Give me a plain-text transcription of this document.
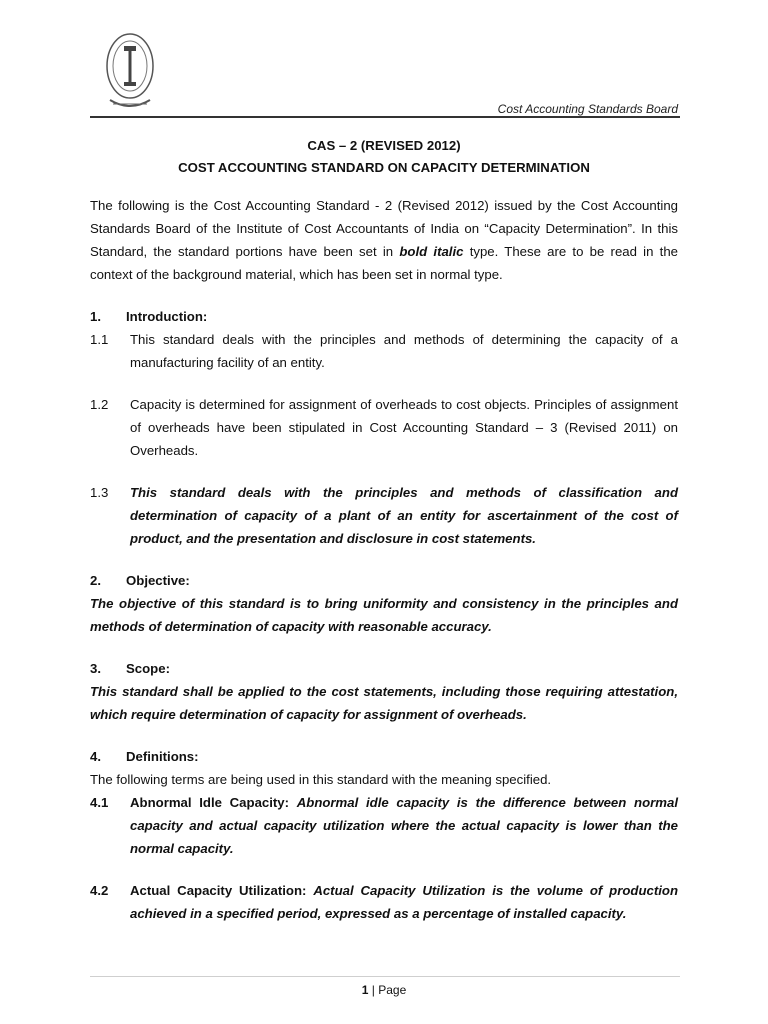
Cost Accounting Standards Board
CAS – 2 (REVISED 2012)
COST ACCOUNTING STANDARD ON CAPACITY DETERMINATION

The following is the Cost Accounting Standard - 2 (Revised 2012) issued by the Cost Accounting Standards Board of the Institute of Cost Accountants of India on “Capacity Determination”. In this Standard, the standard portions have been set in bold italic type. These are to be read in the context of the background material, which has been set in normal type.

1.	Introduction:
1.1	This standard deals with the principles and methods of determining the capacity of a manufacturing facility of an entity.
1.2	Capacity is determined for assignment of overheads to cost objects. Principles of assignment of overheads have been stipulated in Cost Accounting Standard – 3 (Revised 2011) on Overheads.
1.3	This standard deals with the principles and methods of classification and determination of capacity of a plant of an entity for ascertainment of the cost of product, and the presentation and disclosure in cost statements.
2.	Objective:

The objective of this standard is to bring uniformity and consistency in the principles and methods of determination of capacity with reasonable accuracy.

3.	Scope:

This standard shall be applied to the cost statements, including those requiring attestation, which require determination of capacity for assignment of overheads.

4.	Definitions:

The following terms are being used in this standard with the meaning specified.

4.1	Abnormal Idle Capacity: Abnormal idle capacity is the difference between normal capacity and actual capacity utilization where the actual capacity is lower than the normal capacity.
4.2	Actual Capacity Utilization: Actual Capacity Utilization is the volume of production achieved in a specified period, expressed as a percentage of installed capacity.
1 | Page
